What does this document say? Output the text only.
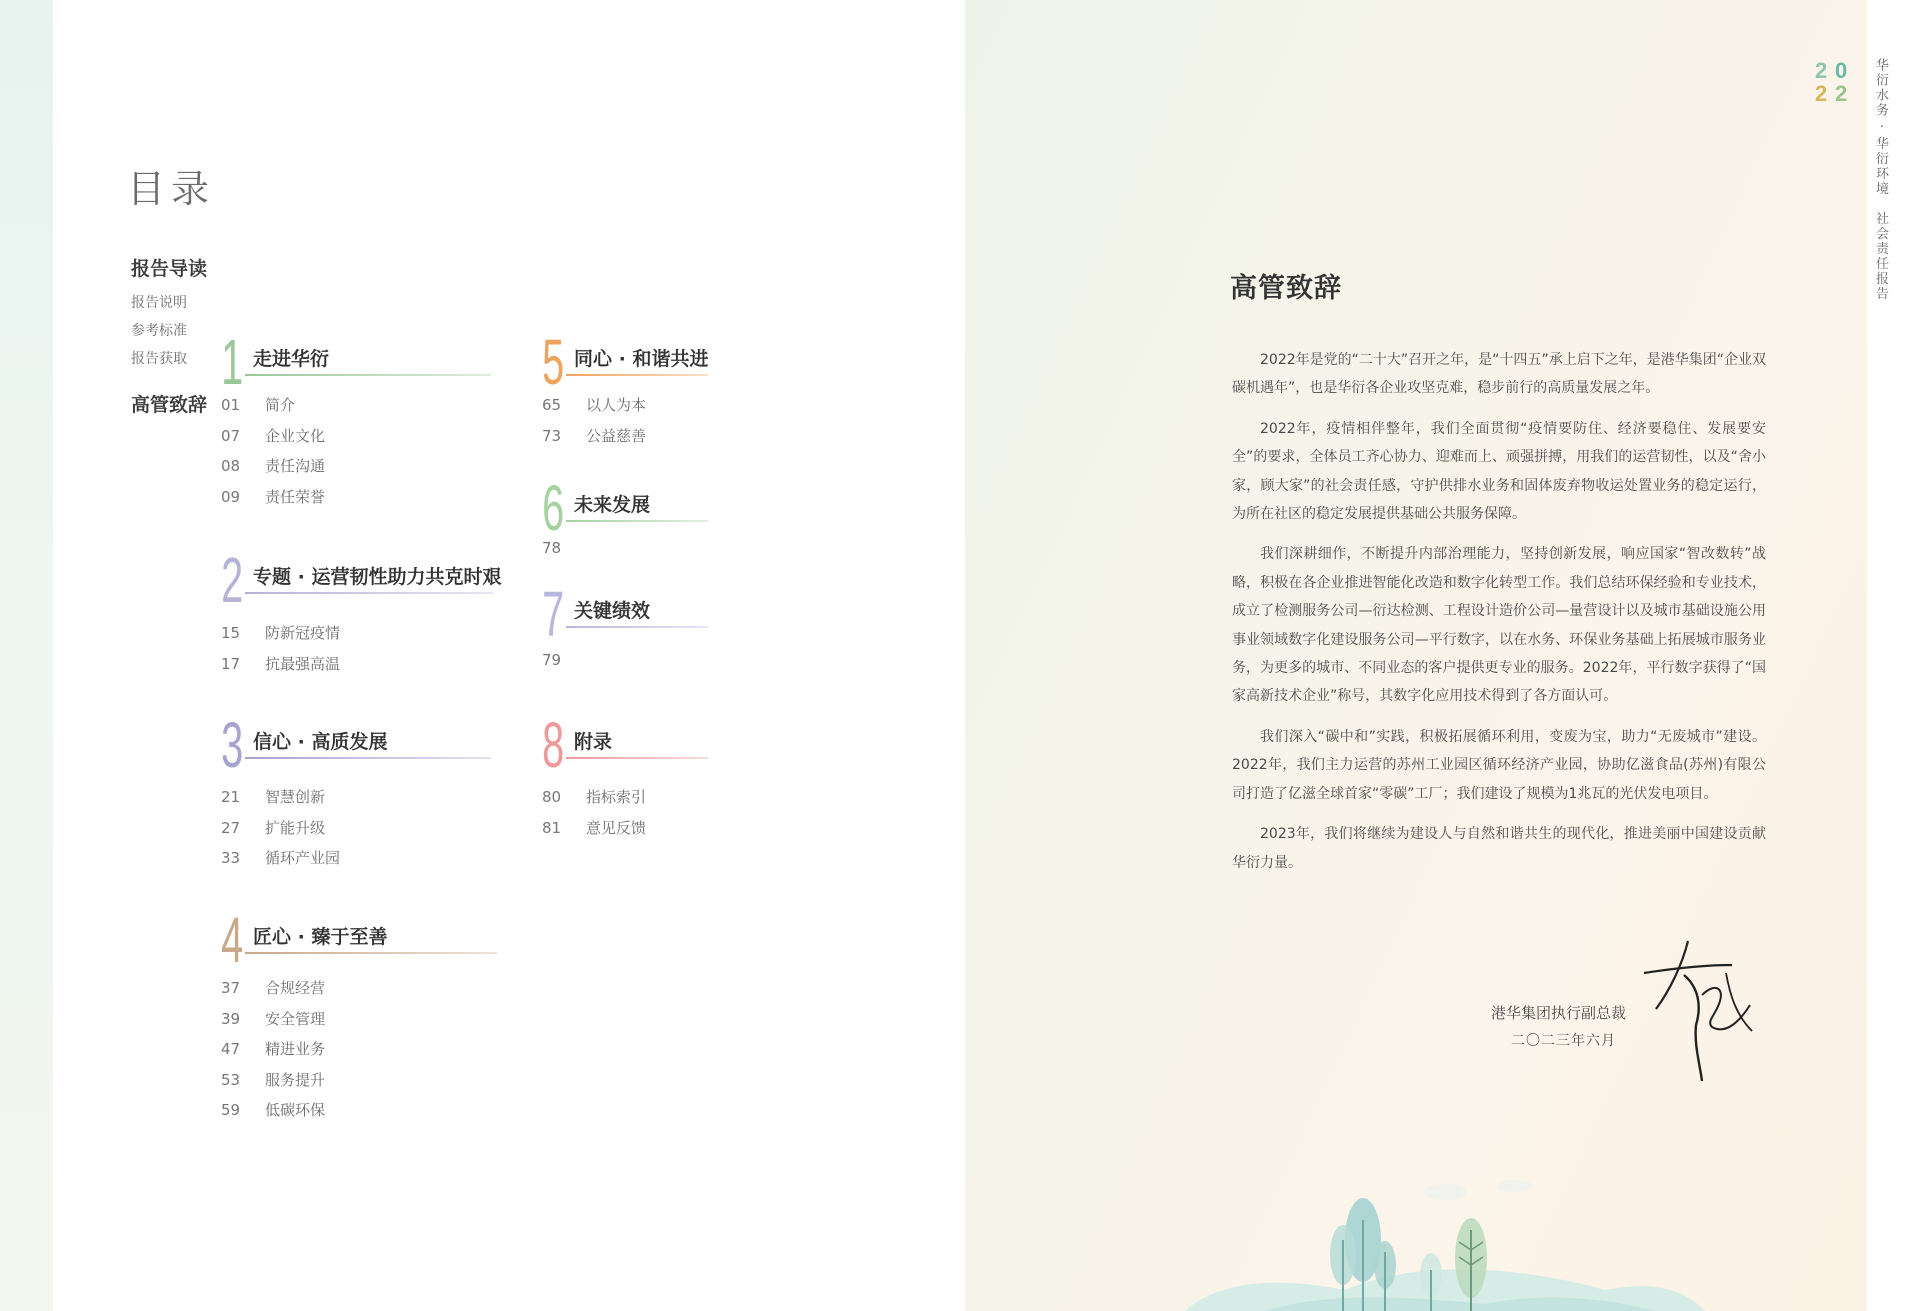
目录
报告导读
报告说明
参考标准
报告获取
高管致辞
1 走进华衍
01 简介
07 企业文化
08 责任沟通
09 责任荣誉
2 专题 · 运营韧性助力共克时艰
15 防新冠疫情
17 抗最强高温
3 信心 · 高质发展
21 智慧创新
27 扩能升级
33 循环产业园
4 匠心 · 臻于至善
37 合规经营
39 安全管理
47 精进业务
53 服务提升
59 低碳环保
5 同心 · 和谐共进
65 以人为本
73 公益慈善
6 未来发展
78
7 关键绩效
79
8 附录
80 指标索引
81 意见反馈
高管致辞

2022年是党的“二十大”召开之年，是“十四五”承上启下之年，是港华集团“企业双碳机遇年”，也是华衍各企业攻坚克难，稳步前行的高质量发展之年。

2022年，疫情相伴整年，我们全面贯彻“疫情要防住、经济要稳住、发展要安全”的要求，全体员工齐心协力、迎难而上、顽强拼搏，用我们的运营韧性，以及“舍小家，顾大家”的社会责任感，守护供排水业务和固体废弃物收运处置业务的稳定运行，为所在社区的稳定发展提供基础公共服务保障。

我们深耕细作，不断提升内部治理能力，坚持创新发展，响应国家“智改数转”战略，积极在各企业推进智能化改造和数字化转型工作。我们总结环保经验和专业技术，成立了检测服务公司—衍达检测、工程设计造价公司—量营设计以及城市基础设施公用事业领域数字化建设服务公司—平行数字，以在水务、环保业务基础上拓展城市服务业务，为更多的城市、不同业态的客户提供更专业的服务。2022年，平行数字获得了“国家高新技术企业”称号，其数字化应用技术得到了各方面认可。

我们深入“碳中和”实践，积极拓展循环利用，变废为宝，助力“无废城市”建设。2022年，我们主力运营的苏州工业园区循环经济产业园，协助亿滋食品(苏州)有限公司打造了亿滋全球首家“零碳”工厂；我们建设了规模为1兆瓦的光伏发电项目。

2023年，我们将继续为建设人与自然和谐共生的现代化，推进美丽中国建设贡献华衍力量。

港华集团执行副总裁
二〇二三年六月
2 0
2 2 华衍水务 · 华衍环境　社会责任报告
